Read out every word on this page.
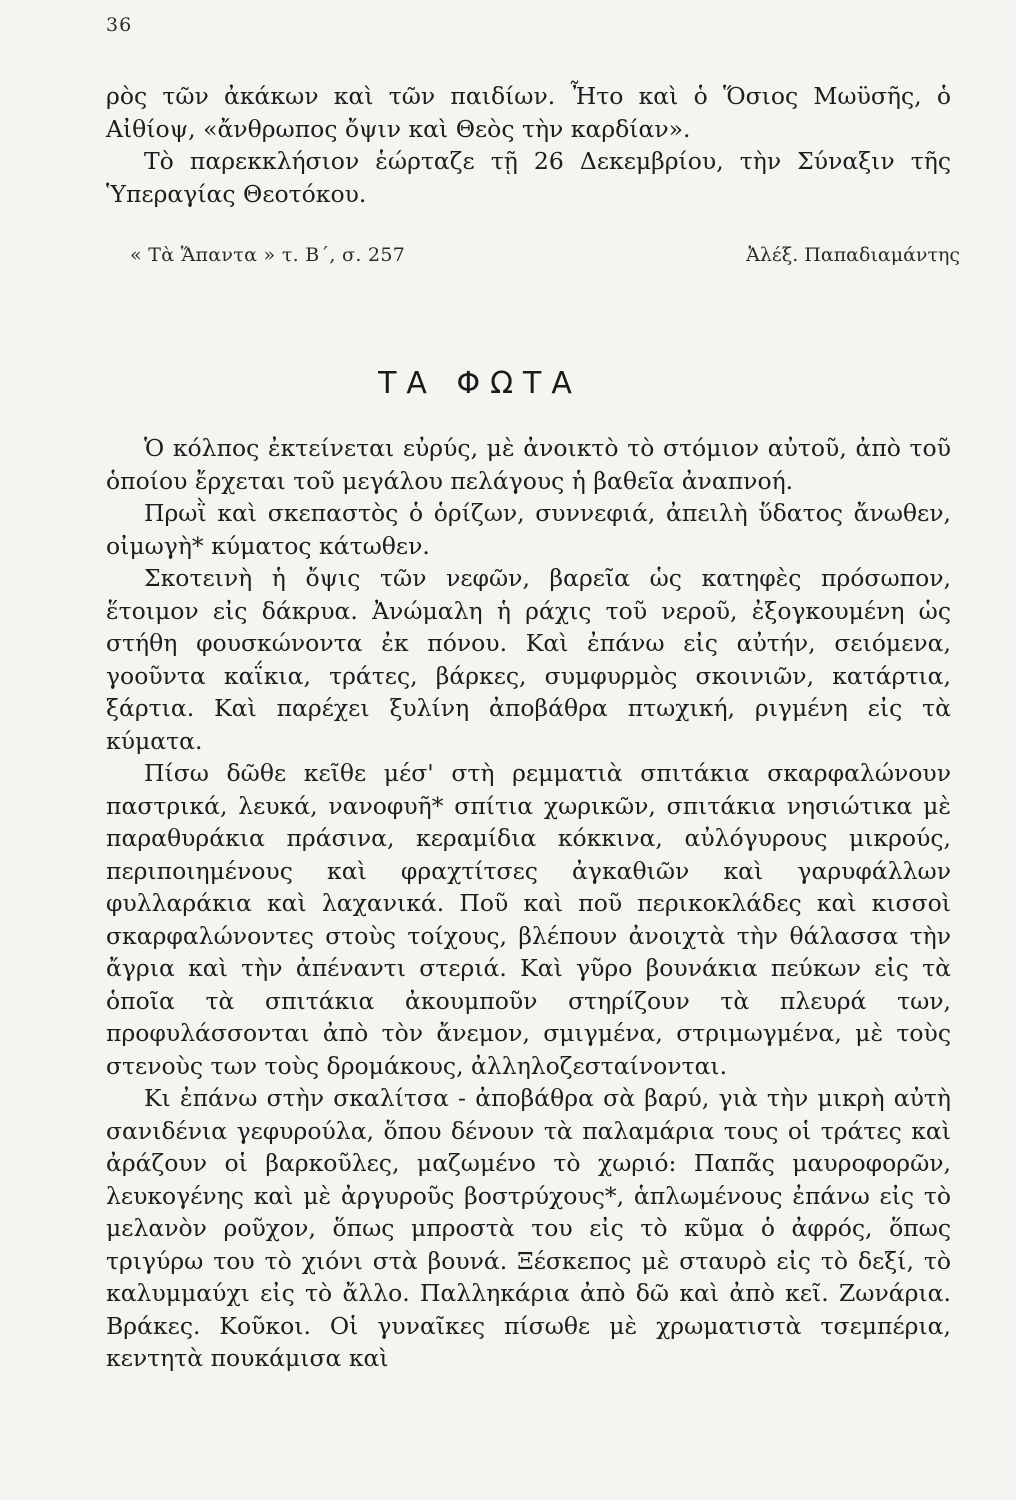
36

ρὸς τῶν ἀκάκων καὶ τῶν παιδίων. Ἦτο καὶ ὁ Ὅσιος Μωϋσῆς, ὁ Αἰθίοψ, «ἄνθρωπος ὄψιν καὶ Θεὸς τὴν καρδίαν».

Τὸ παρεκκλήσιον ἑώρταζε τῇ 26 Δεκεμβρίου, τὴν Σύναξιν τῆς Ὑπεραγίας Θεοτόκου.

« Τὰ Ἅπαντα » τ. Β΄, σ. 257	Ἀλέξ. Παπαδιαμάντης
ΤΑ ΦΩΤΑ

Ὁ κόλπος ἐκτείνεται εὐρύς, μὲ ἀνοικτὸ τὸ στόμιον αὐτοῦ, ἀπὸ τοῦ ὁποίου ἔρχεται τοῦ μεγάλου πελάγους ἡ βαθεῖα ἀναπνοή.

Πρωῒ καὶ σκεπαστὸς ὁ ὁρίζων, συννεφιά, ἀπειλὴ ὕδατος ἄνωθεν, οἰμωγὴ* κύματος κάτωθεν.

Σκοτεινὴ ἡ ὄψις τῶν νεφῶν, βαρεῖα ὡς κατηφὲς πρόσωπον, ἕτοιμον εἰς δάκρυα. Ἀνώμαλη ἡ ράχις τοῦ νεροῦ, ἐξογκουμένη ὡς στήθη φουσκώνοντα ἐκ πόνου. Καὶ ἐπάνω εἰς αὐτήν, σειόμενα, γοοῦντα καΐκια, τράτες, βάρκες, συμφυρμὸς σκοινιῶν, κατάρτια, ξάρτια. Καὶ παρέχει ξυλίνη ἀποβάθρα πτωχική, ριγμένη εἰς τὰ κύματα.

Πίσω δῶθε κεῖθε μέσ' στὴ ρεμματιὰ σπιτάκια σκαρφαλώνουν παστρικά, λευκά, νανοφυῆ* σπίτια χωρικῶν, σπιτάκια νησιώτικα μὲ παραθυράκια πράσινα, κεραμίδια κόκκινα, αὐλόγυρους μικρούς, περιποιημένους καὶ φραχτίτσες ἀγκαθιῶν καὶ γαρυφάλλων φυλλαράκια καὶ λαχανικά. Ποῦ καὶ ποῦ περικοκλάδες καὶ κισσοὶ σκαρφαλώνοντες στοὺς τοίχους, βλέπουν ἀνοιχτὰ τὴν θάλασσα τὴν ἄγρια καὶ τὴν ἀπέναντι στεριά. Καὶ γῦρο βουνάκια πεύκων εἰς τὰ ὁποῖα τὰ σπιτάκια ἀκουμποῦν στηρίζουν τὰ πλευρά των, προφυλάσσονται ἀπὸ τὸν ἄνεμον, σμιγμένα, στριμωγμένα, μὲ τοὺς στενοὺς των τοὺς δρομάκους, ἀλληλοζεσταίνονται.

Κι ἐπάνω στὴν σκαλίτσα - ἀποβάθρα σὰ βαρύ, γιὰ τὴν μικρὴ αὐτὴ σανιδένια γεφυρούλα, ὅπου δένουν τὰ παλαμάρια τους οἱ τράτες καὶ ἀράζουν οἱ βαρκοῦλες, μαζωμένο τὸ χωριό: Παπᾶς μαυροφορῶν, λευκογένης καὶ μὲ ἀργυροῦς βοστρύχους*, ἁπλωμένους ἐπάνω εἰς τὸ μελανὸν ροῦχον, ὅπως μπροστὰ του εἰς τὸ κῦμα ὁ ἀφρός, ὅπως τριγύρω του τὸ χιόνι στὰ βουνά. Ξέσκεπος μὲ σταυρὸ εἰς τὸ δεξί, τὸ καλυμμαύχι εἰς τὸ ἄλλο. Παλληκάρια ἀπὸ δῶ καὶ ἀπὸ κεῖ. Ζωνάρια. Βράκες. Κοῦκοι. Οἱ γυναῖκες πίσωθε μὲ χρωματιστὰ τσεμπέρια, κεντητὰ πουκάμισα καὶ
